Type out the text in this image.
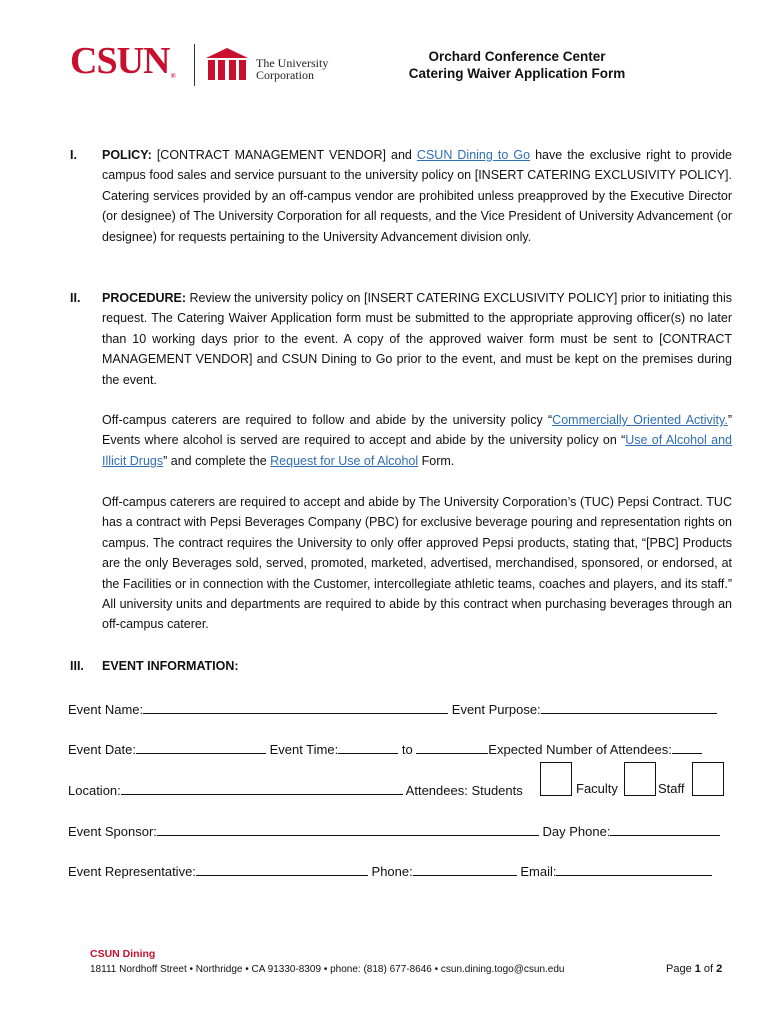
CSUN®
The University
Corporation
Orchard Conference Center
Catering Waiver Application Form
I. POLICY: [CONTRACT MANAGEMENT VENDOR] and CSUN Dining to Go have the exclusive right to provide campus food sales and service pursuant to the university policy on [INSERT CATERING EXCLUSIVITY POLICY]. Catering services provided by an off-campus vendor are prohibited unless preapproved by the Executive Director (or designee) of The University Corporation for all requests, and the Vice President of University Advancement (or designee) for requests pertaining to the University Advancement division only.
II. PROCEDURE: Review the university policy on [INSERT CATERING EXCLUSIVITY POLICY] prior to initiating this request. The Catering Waiver Application form must be submitted to the appropriate approving officer(s) no later than 10 working days prior to the event. A copy of the approved waiver form must be sent to [CONTRACT MANAGEMENT VENDOR] and CSUN Dining to Go prior to the event, and must be kept on the premises during the event.
Off-campus caterers are required to follow and abide by the university policy “Commercially Oriented Activity.” Events where alcohol is served are required to accept and abide by the university policy on “Use of Alcohol and Illicit Drugs” and complete the Request for Use of Alcohol Form.
Off-campus caterers are required to accept and abide by The University Corporation’s (TUC) Pepsi Contract. TUC has a contract with Pepsi Beverages Company (PBC) for exclusive beverage pouring and representation rights on campus. The contract requires the University to only offer approved Pepsi products, stating that, “[PBC] Products are the only Beverages sold, served, promoted, marketed, advertised, merchandised, sponsored, or endorsed, at the Facilities or in connection with the Customer, intercollegiate athletic teams, coaches and players, and its staff.” All university units and departments are required to abide by this contract when purchasing beverages through an off-campus caterer.
III. EVENT INFORMATION:
Event Name:	Event Purpose:
Event Date:	Event Time:	to	Expected Number of Attendees:
Location:	Attendees: Students	Faculty	Staff
Event Sponsor:	Day Phone:
Event Representative:	Phone:	Email:
CSUN Dining
18111 Nordhoff Street • Northridge • CA 91330-8309 • phone: (818) 677-8646 • csun.dining.togo@csun.edu	Page 1 of 2
